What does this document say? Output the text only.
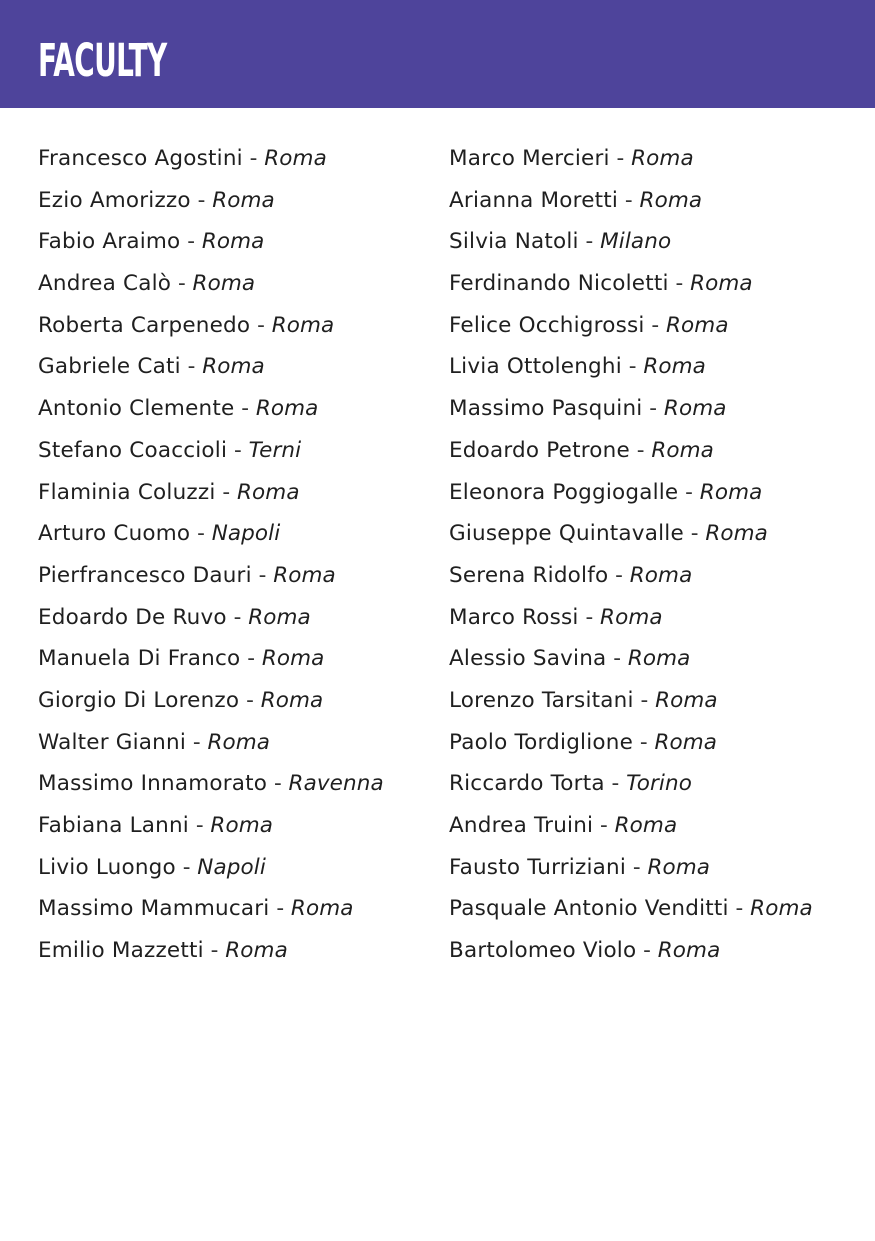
FACULTY
Francesco Agostini - Roma
Ezio Amorizzo - Roma
Fabio Araimo - Roma
Andrea Calò - Roma
Roberta Carpenedo - Roma
Gabriele Cati - Roma
Antonio Clemente - Roma
Stefano Coaccioli - Terni
Flaminia Coluzzi - Roma
Arturo Cuomo - Napoli
Pierfrancesco Dauri - Roma
Edoardo De Ruvo - Roma
Manuela Di Franco - Roma
Giorgio Di Lorenzo - Roma
Walter Gianni - Roma
Massimo Innamorato - Ravenna
Fabiana Lanni - Roma
Livio Luongo - Napoli
Massimo Mammucari - Roma
Emilio Mazzetti - Roma
Marco Mercieri - Roma
Arianna Moretti - Roma
Silvia Natoli - Milano
Ferdinando Nicoletti - Roma
Felice Occhigrossi - Roma
Livia Ottolenghi - Roma
Massimo Pasquini - Roma
Edoardo Petrone - Roma
Eleonora Poggiogalle - Roma
Giuseppe Quintavalle - Roma
Serena Ridolfo - Roma
Marco Rossi - Roma
Alessio Savina - Roma
Lorenzo Tarsitani - Roma
Paolo Tordiglione - Roma
Riccardo Torta - Torino
Andrea Truini - Roma
Fausto Turriziani - Roma
Pasquale Antonio Venditti - Roma
Bartolomeo Violo - Roma
